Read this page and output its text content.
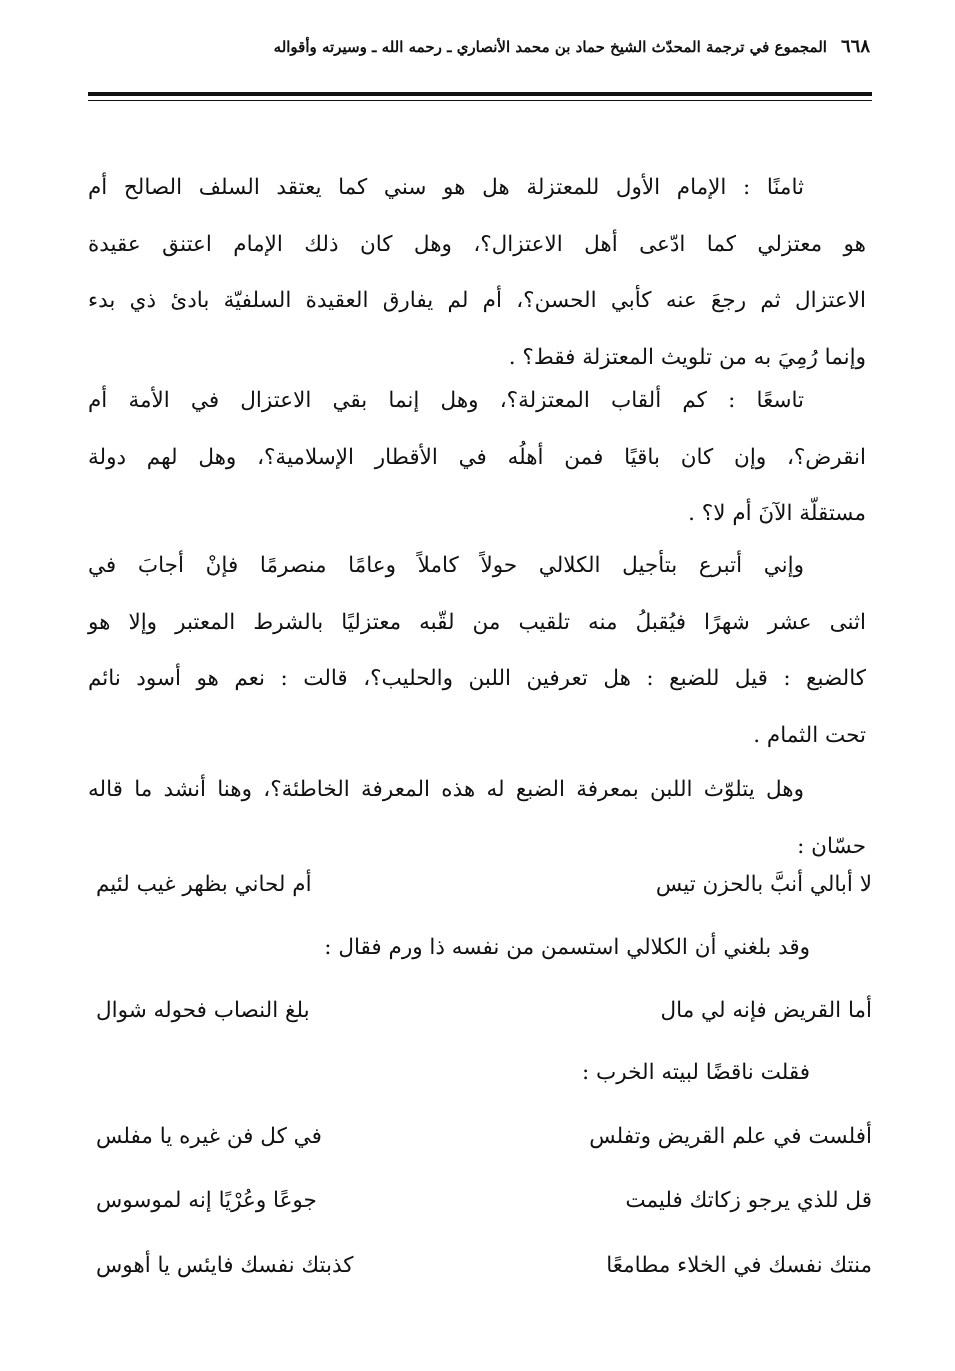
٦٦٨
المجموع في ترجمة المحدّث الشيخ حماد بن محمد الأنصاري ـ رحمه الله ـ وسيرته وأقواله
ثامنًا : الإمام الأول للمعتزلة هل هو سني كما يعتقد السلف الصالح أم
هو معتزلي كما ادّعى أهل الاعتزال؟، وهل كان ذلك الإمام اعتنق عقيدة
الاعتزال ثم رجعَ عنه كأبي الحسن؟، أم لم يفارق العقيدة السلفيّة بادئ ذي بدء
وإنما رُمِيَ به من تلويث المعتزلة فقط؟ .
تاسعًا : كم ألقاب المعتزلة؟، وهل إنما بقي الاعتزال في الأمة أم
انقرض؟، وإن كان باقيًا فمن أهلُه في الأقطار الإسلامية؟، وهل لهم دولة
مستقلّة الآنَ أم لا؟ .
وإني أتبرع بتأجيل الكلالي حولاً كاملاً وعامًا منصرمًا فإنْ أجابَ في
اثنى عشر شهرًا فيُقبلُ منه تلقيب من لقّبه معتزليًا بالشرط المعتبر وإلا هو
كالضبع : قيل للضبع : هل تعرفين اللبن والحليب؟، قالت : نعم هو أسود نائم
تحت الثمام .
وهل يتلوّث اللبن بمعرفة الضبع له هذه المعرفة الخاطئة؟، وهنا أنشد ما قاله
حسّان :
لا أبالي أنبَّ بالحزن تيس
أم لحاني بظهر غيب لئيم
وقد بلغني أن الكلالي استسمن من نفسه ذا ورم فقال :
أما القريض فإنه لي مال
بلغ النصاب فحوله شوال
فقلت ناقضًا لبيته الخرب :
أفلست في علم القريض وتفلس
في كل فن غيره يا مفلس
قل للذي يرجو زكاتك فليمت
جوعًا وعُرْيًا إنه لموسوس
منتك نفسك في الخلاء مطامعًا
كذبتك نفسك فايئس يا أهوس
